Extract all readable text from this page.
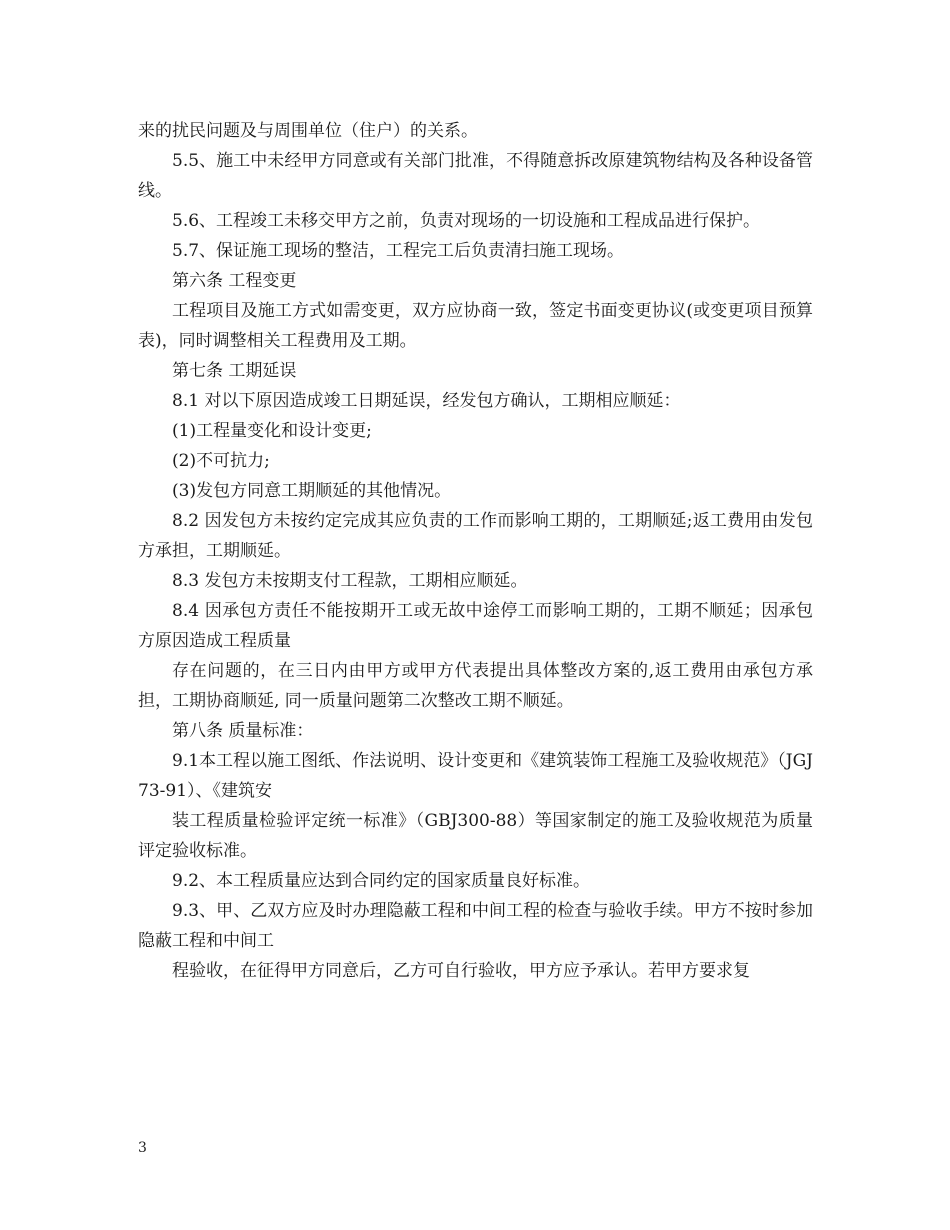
来的扰民问题及与周围单位（住户）的关系。

5.5、施工中未经甲方同意或有关部门批准，不得随意拆改原建筑物结构及各种设备管线。

5.6、工程竣工未移交甲方之前，负责对现场的一切设施和工程成品进行保护。

5.7、保证施工现场的整洁，工程完工后负责清扫施工现场。

第六条 工程变更

工程项目及施工方式如需变更，双方应协商一致，签定书面变更协议(或变更项目预算表)，同时调整相关工程费用及工期。

第七条 工期延误

8.1 对以下原因造成竣工日期延误，经发包方确认，工期相应顺延：

(1)工程量变化和设计变更;

(2)不可抗力;

(3)发包方同意工期顺延的其他情况。

8.2 因发包方未按约定完成其应负责的工作而影响工期的，工期顺延;返工费用由发包方承担，工期顺延。

8.3 发包方未按期支付工程款，工期相应顺延。

8.4 因承包方责任不能按期开工或无故中途停工而影响工期的，工期不顺延；因承包方原因造成工程质量

存在问题的，在三日内由甲方或甲方代表提出具体整改方案的,返工费用由承包方承担，工期协商顺延, 同一质量问题第二次整改工期不顺延。

第八条 质量标准：

9.1本工程以施工图纸、作法说明、设计变更和《建筑装饰工程施工及验收规范》（JGJ73-91）、《建筑安

装工程质量检验评定统一标准》（GBJ300-88）等国家制定的施工及验收规范为质量评定验收标准。

9.2、本工程质量应达到合同约定的国家质量良好标准。

9.3、甲、乙双方应及时办理隐蔽工程和中间工程的检查与验收手续。甲方不按时参加隐蔽工程和中间工

程验收，在征得甲方同意后，乙方可自行验收，甲方应予承认。若甲方要求复

3
